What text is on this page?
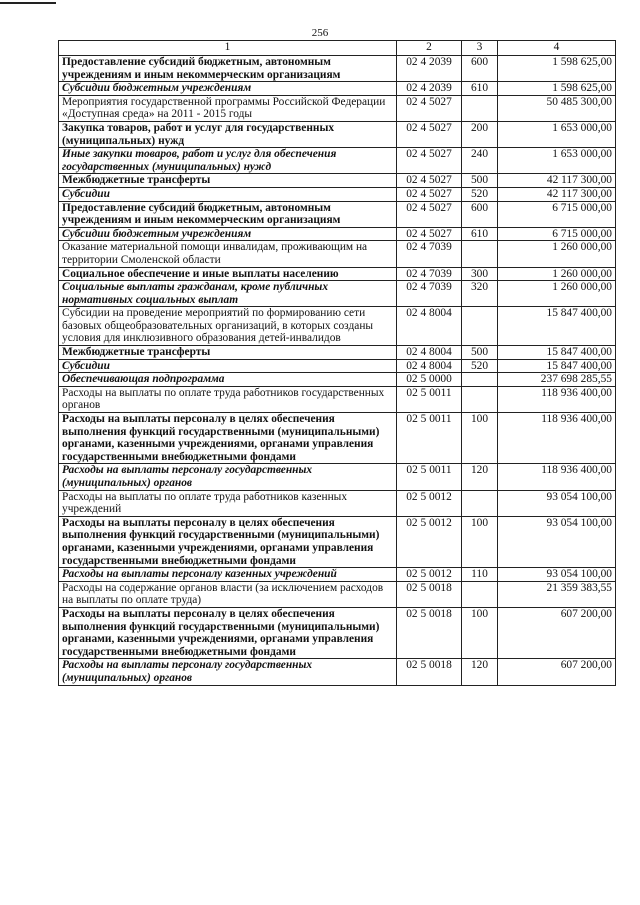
256
1	2	3	4
Предоставление субсидий бюджетным, автономным учреждениям и иным некоммерческим организациям	02 4 2039	600	1 598 625,00
Субсидии бюджетным учреждениям	02 4 2039	610	1 598 625,00
Мероприятия государственной программы Российской Федерации «Доступная среда» на 2011 - 2015 годы	02 4 5027		50 485 300,00
Закупка товаров, работ и услуг для государственных (муниципальных) нужд	02 4 5027	200	1 653 000,00
Иные закупки товаров, работ и услуг для обеспечения государственных (муниципальных) нужд	02 4 5027	240	1 653 000,00
Межбюджетные трансферты	02 4 5027	500	42 117 300,00
Субсидии	02 4 5027	520	42 117 300,00
Предоставление субсидий бюджетным, автономным учреждениям и иным некоммерческим организациям	02 4 5027	600	6 715 000,00
Субсидии бюджетным учреждениям	02 4 5027	610	6 715 000,00
Оказание материальной помощи инвалидам, проживающим на территории Смоленской области	02 4 7039		1 260 000,00
Социальное обеспечение и иные выплаты населению	02 4 7039	300	1 260 000,00
Социальные выплаты гражданам, кроме публичных нормативных социальных выплат	02 4 7039	320	1 260 000,00
Субсидии на проведение мероприятий по формированию сети базовых общеобразовательных организаций, в которых созданы условия для инклюзивного образования детей-инвалидов	02 4 8004		15 847 400,00
Межбюджетные трансферты	02 4 8004	500	15 847 400,00
Субсидии	02 4 8004	520	15 847 400,00
Обеспечивающая подпрограмма	02 5 0000		237 698 285,55
Расходы на выплаты по оплате труда работников государственных органов	02 5 0011		118 936 400,00
Расходы на выплаты персоналу в целях обеспечения выполнения функций государственными (муниципальными) органами, казенными учреждениями, органами управления государственными внебюджетными фондами	02 5 0011	100	118 936 400,00
Расходы на выплаты персоналу государственных (муниципальных) органов	02 5 0011	120	118 936 400,00
Расходы на выплаты по оплате труда работников казенных учреждений	02 5 0012		93 054 100,00
Расходы на выплаты персоналу в целях обеспечения выполнения функций государственными (муниципальными) органами, казенными учреждениями, органами управления государственными внебюджетными фондами	02 5 0012	100	93 054 100,00
Расходы на выплаты персоналу казенных учреждений	02 5 0012	110	93 054 100,00
Расходы на содержание органов власти (за исключением расходов на выплаты по оплате труда)	02 5 0018		21 359 383,55
Расходы на выплаты персоналу в целях обеспечения выполнения функций государственными (муниципальными) органами, казенными учреждениями, органами управления государственными внебюджетными фондами	02 5 0018	100	607 200,00
Расходы на выплаты персоналу государственных (муниципальных) органов	02 5 0018	120	607 200,00
